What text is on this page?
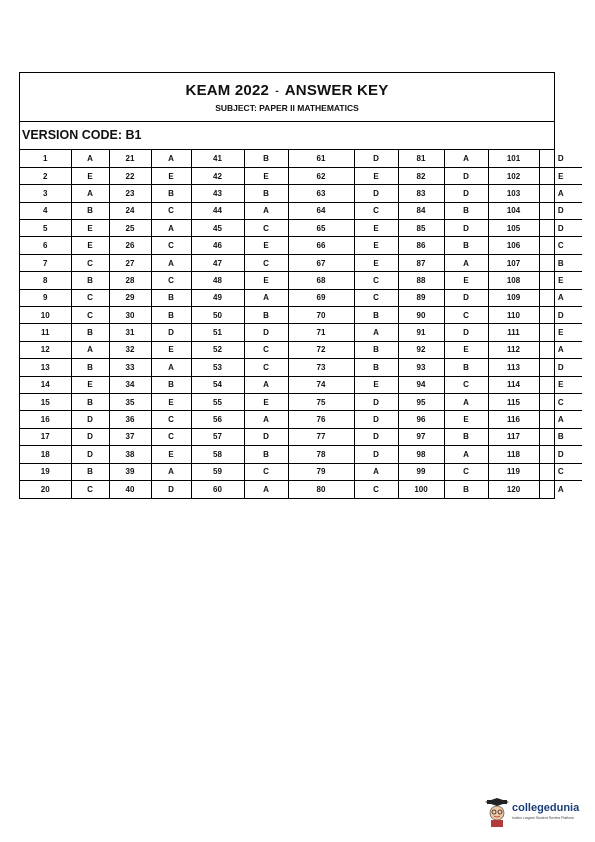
KEAM 2022 - ANSWER KEY
SUBJECT: PAPER II MATHEMATICS
VERSION CODE: B1
1	A	21	A	41	B	61	D	81	A	101	D
2	E	22	E	42	E	62	E	82	D	102	E
3	A	23	B	43	B	63	D	83	D	103	A
4	B	24	C	44	A	64	C	84	B	104	D
5	E	25	A	45	C	65	E	85	D	105	D
6	E	26	C	46	E	66	E	86	B	106	C
7	C	27	A	47	C	67	E	87	A	107	B
8	B	28	C	48	E	68	C	88	E	108	E
9	C	29	B	49	A	69	C	89	D	109	A
10	C	30	B	50	B	70	B	90	C	110	D
11	B	31	D	51	D	71	A	91	D	111	E
12	A	32	E	52	C	72	B	92	E	112	A
13	B	33	A	53	C	73	B	93	B	113	D
14	E	34	B	54	A	74	E	94	C	114	E
15	B	35	E	55	E	75	D	95	A	115	C
16	D	36	C	56	A	76	D	96	E	116	A
17	D	37	C	57	D	77	D	97	B	117	B
18	D	38	E	58	B	78	D	98	A	118	D
19	B	39	A	59	C	79	A	99	C	119	C
20	C	40	D	60	A	80	C	100	B	120	A
collegedunia
India's Largest Student Review Platform
